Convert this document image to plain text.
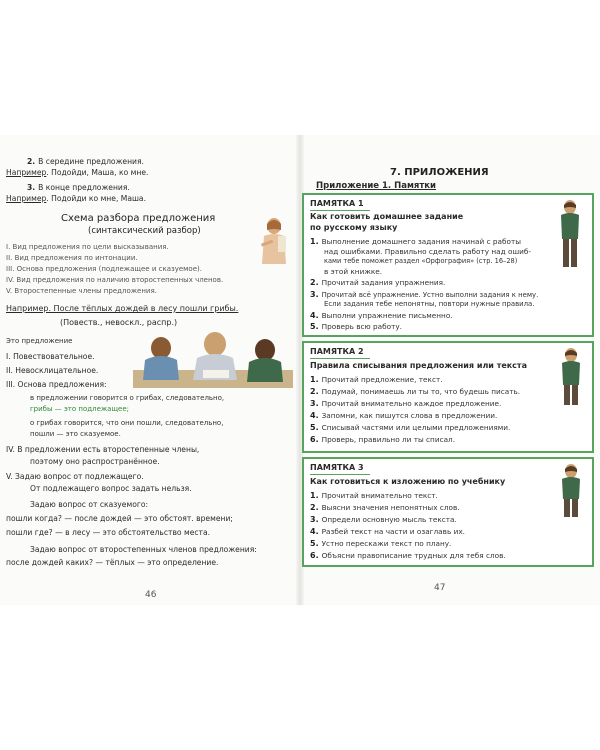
2. В середине предложения.
Например. Подойди, Маша, ко мне.
3. В конце предложения.
Например. Подойди ко мне, Маша.
Схема разбора предложения
(синтаксический разбор)
I. Вид предложения по цели высказывания.
II. Вид предложения по интонации.
III. Основа предложения (подлежащее и сказуемое).
IV. Вид предложения по наличию второстепенных членов.
V. Второстепенные члены предложения.
Например. После тёплых дождей в лесу пошли грибы.
(Повеств., невоскл., распр.)
Это предложение
I. Повествовательное.
II. Невосклицательное.
III. Основа предложения:
в предложении говорится о грибах, следовательно,
грибы — это подлежащее;
о грибах говорится, что они пошли, следовательно,
пошли — это сказуемое.
IV. В предложении есть второстепенные члены,
поэтому оно распространённое.
V. Задаю вопрос от подлежащего.
От подлежащего вопрос задать нельзя.
Задаю вопрос от сказуемого:
пошли когда? — после дождей — это обстоят. времени;
пошли где? — в лесу — это обстоятельство места.
Задаю вопрос от второстепенных членов предложения:
после дождей каких? — тёплых — это определение.
46
7. ПРИЛОЖЕНИЯ
Приложение 1. Памятки
ПАМЯТКА 1
Как готовить домашнее задание
по русскому языку
1. Выполнение домашнего задания начинай с работы
над ошибками. Правильно сделать работу над ошиб-
ками тебе поможет раздел «Орфография» (стр. 16–28)
в этой книжке.
2. Прочитай задания упражнения.
3. Прочитай всё упражнение. Устно выполни задания к нему.
Если задания тебе непонятны, повтори нужные правила.
4. Выполни упражнение письменно.
5. Проверь всю работу.
ПАМЯТКА 2
Правила списывания предложения или текста
1. Прочитай предложение, текст.
2. Подумай, понимаешь ли ты то, что будешь писать.
3. Прочитай внимательно каждое предложение.
4. Запомни, как пишутся слова в предложении.
5. Списывай частями или целыми предложениями.
6. Проверь, правильно ли ты списал.
ПАМЯТКА 3
Как готовиться к изложению по учебнику
1. Прочитай внимательно текст.
2. Выясни значения непонятных слов.
3. Определи основную мысль текста.
4. Разбей текст на части и озаглавь их.
5. Устно перескажи текст по плану.
6. Объясни правописание трудных для тебя слов.
47
